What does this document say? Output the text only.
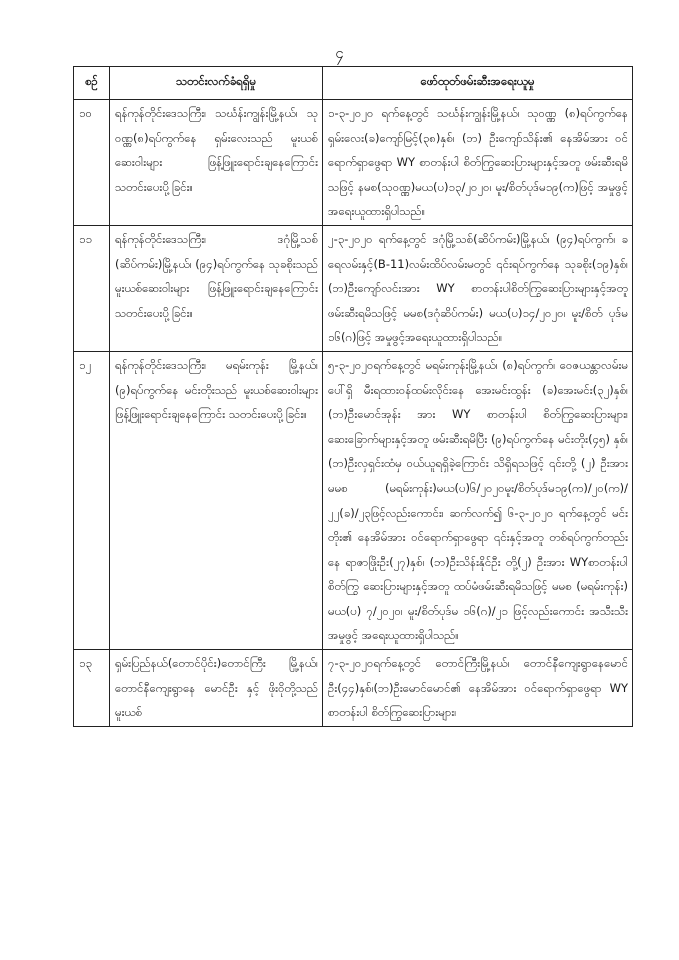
၄
စဉ်	သတင်းလက်ခံရရှိမှု	ဖော်ထုတ်ဖမ်းဆီးအရေးယူမှု
၁၀	ရန်ကုန်တိုင်းဒေသကြီး၊ သင်္ဃန်းကျွန်းမြို့နယ်၊ သုဝဏ္ဏ(၈)ရပ်ကွက်နေ ရှမ်းလေးသည် မူးယစ်ဆေးဝါးများ ဖြန့်ဖြူးရောင်းချနေကြောင်း သတင်းပေးပို့ခြင်း။	၁-၃-၂၀၂၀ ရက်နေ့တွင် သင်္ဃန်းကျွန်းမြို့နယ်၊ သုဝဏ္ဏ (၈)ရပ်ကွက်နေ ရှမ်းလေး(ခ)ကျော်မြင့်(၃၈)နှစ်၊ (ဘ) ဦးကျော်သိန်း၏ နေအိမ်အား ဝင်ရောက်ရှာဖွေရာ WY စာတန်းပါ စိတ်ကြွဆေးပြားများနှင့်အတူ ဖမ်းဆီးရမိသဖြင့် နမစ(သုဝဏ္ဏ)မယ(ပ)၁၃/၂၀၂၀၊ မူး/စိတ်ပုဒ်မ၁၉(က)ဖြင့် အမှုဖွင့်အရေးယူထားရှိပါသည်။
၁၁	ရန်ကုန်တိုင်းဒေသကြီး၊ ဒဂုံမြို့သစ် (ဆိပ်ကမ်း)မြို့နယ်၊ (၉၄)ရပ်ကွက်နေ သုခစိုးသည် မူးယစ်ဆေးဝါးများ ဖြန့်ဖြူးရောင်းချနေကြောင်း သတင်းပေးပို့ခြင်း။	၂-၃-၂၀၂၀ ရက်နေ့တွင် ဒဂုံမြို့သစ်(ဆိပ်ကမ်း)မြို့နယ်၊ (၉၄)ရပ်ကွက်၊ ခရေလမ်းနှင့်(B-11)လမ်းထိပ်လမ်းမတွင် ၎င်းရပ်ကွက်နေ သုခစိုး(၁၉)နှစ်၊ (ဘ)ဦးကျော်လင်းအား WY စာတန်းပါစိတ်ကြွဆေးပြားများနှင့်အတူ ဖမ်းဆီးရမိသဖြင့် မမစ(ဒဂုံဆိပ်ကမ်း) မယ(ပ)၁၄/၂၀၂၀၊ မူး/စိတ် ပုဒ်မ ၁၆(ဂ)ဖြင့် အမှုဖွင့်အရေးယူထားရှိပါသည်။
၁၂	ရန်ကုန်တိုင်းဒေသကြီး၊ မရမ်းကုန်း မြို့နယ်၊ (၉)ရပ်ကွက်နေ မင်းတိုးသည် မူးယစ်ဆေးဝါးများ ဖြန့်ဖြူးရောင်းချနေကြောင်း သတင်းပေးပို့ခြင်း။	၅-၃-၂၀၂၀ရက်နေ့တွင် မရမ်းကုန်းမြို့နယ်၊ (၈)ရပ်ကွက်၊ ဝေဇယန္တာလမ်းမပေါ်ရှိ မီးရထားဝန်ထမ်းလိုင်းနေ အေးမင်းထွန်း (ခ)အေးမင်း(၃၂)နှစ်၊(ဘ)ဦးမောင်အုန်း အား WY စာတန်းပါ စိတ်ကြွဆေးပြားများ၊ ဆေးခြောက်များနှင့်အတူ ဖမ်းဆီးရမိပြီး (၉)ရပ်ကွက်နေ မင်းတိုး(၄၅) နှစ်၊ (ဘ)ဦးလှရှင်းထံမှ ဝယ်ယူရရှိခဲ့ကြောင်း သိရှိရသဖြင့် ၎င်းတို့ (၂) ဦးအား မမစ (မရမ်းကုန်း)မယ(ပ)၆/၂၀၂၀မူး/စိတ်ပုဒ်မ၁၉(က)/၂၀(က)/ ၂၂(ခ)/၂၃ဖြင့်လည်းကောင်း၊ ဆက်လက်၍ ၆-၃-၂၀၂၀ ရက်နေ့တွင် မင်းတိုး၏ နေအိမ်အား ဝင်ရောက်ရှာဖွေရာ ၎င်းနှင့်အတူ တစ်ရပ်ကွက်တည်းနေ ရာဇာဖြိုးဦး(၂၇)နှစ်၊ (ဘ)ဦးသိန်းနိုင်ဦး တို့(၂) ဦးအား WYစာတန်းပါ စိတ်ကြွ ဆေးပြားများနှင့်အတူ ထပ်မံဖမ်းဆီးရမိသဖြင့် မမစ (မရမ်းကုန်း) မယ(ပ) ၇/၂၀၂၀၊ မူး/စိတ်ပုဒ်မ ၁၆(ဂ)/၂၁ ဖြင့်လည်းကောင်း အသီးသီးအမှုဖွင့် အရေးယူထားရှိပါသည်။
၁၃	ရှမ်းပြည်နယ်(တောင်ပိုင်း)တောင်ကြီး မြို့နယ်၊ တောင်နီကျေးရွာနေ မောင်ဦး နှင့် ဖိုးဝိုတို့သည် မူးယစ်	၇-၃-၂၀၂၀ရက်နေ့တွင် တောင်ကြီးမြို့နယ်၊ တောင်နီကျေးရွာနေမောင်ဦး(၄၄)နှစ်၊(ဘ)ဦးမောင်မောင်၏ နေအိမ်အား ဝင်ရောက်ရှာဖွေရာ WY စာတန်းပါ စိတ်ကြွဆေးပြားများ၊
